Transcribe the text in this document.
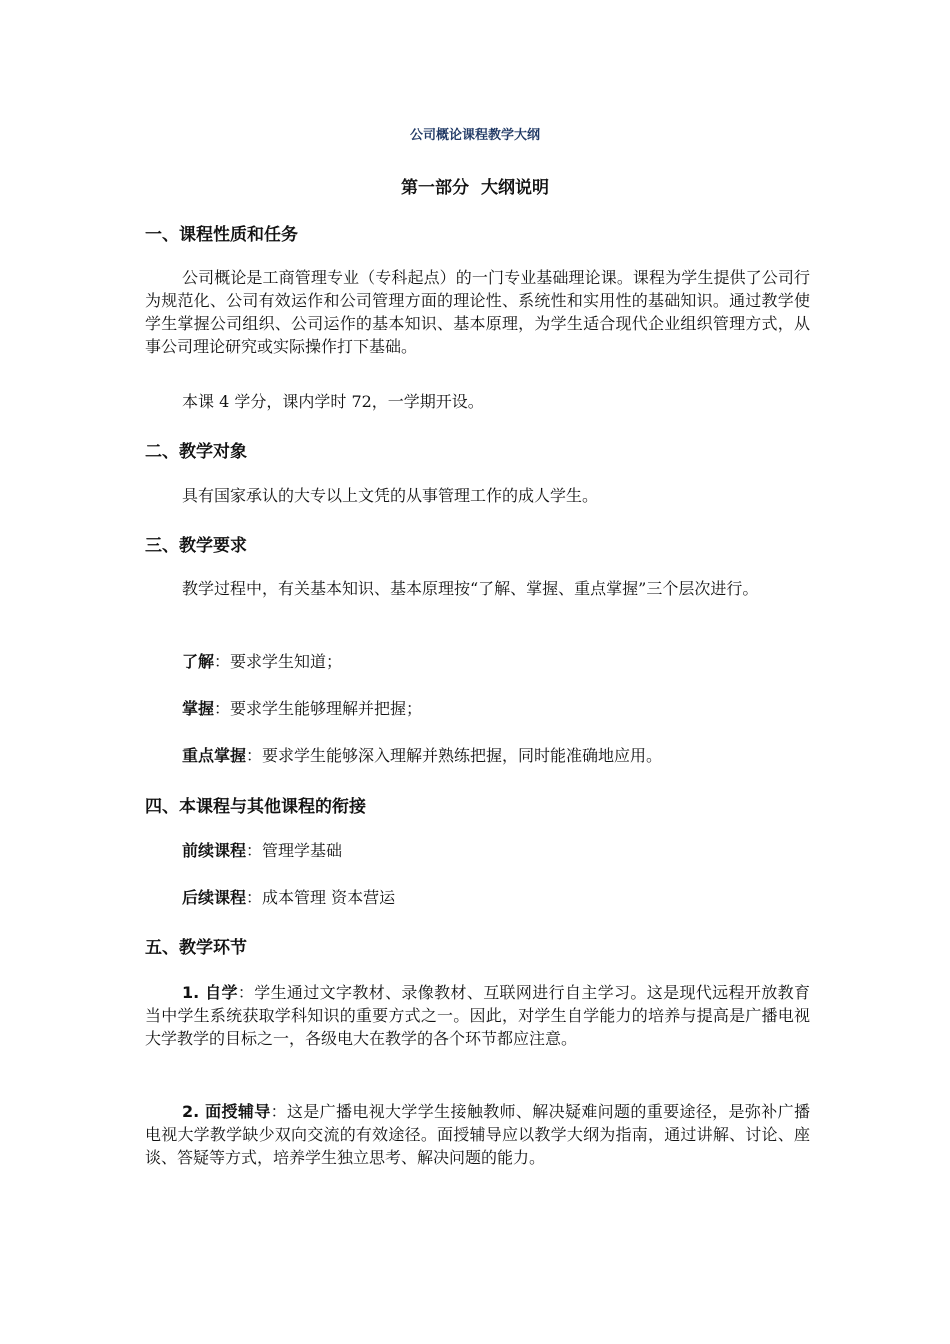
公司概论课程教学大纲

第一部分 大纲说明

一、课程性质和任务

公司概论是工商管理专业（专科起点）的一门专业基础理论课。课程为学生提供了公司行为规范化、公司有效运作和公司管理方面的理论性、系统性和实用性的基础知识。通过教学使学生掌握公司组织、公司运作的基本知识、基本原理，为学生适合现代企业组织管理方式，从事公司理论研究或实际操作打下基础。

本课 4 学分，课内学时 72，一学期开设。

二、教学对象

具有国家承认的大专以上文凭的从事管理工作的成人学生。

三、教学要求

教学过程中，有关基本知识、基本原理按“了解、掌握、重点掌握”三个层次进行。

了解：要求学生知道；

掌握：要求学生能够理解并把握；

重点掌握：要求学生能够深入理解并熟练把握，同时能准确地应用。

四、本课程与其他课程的衔接

前续课程：管理学基础

后续课程：成本管理 资本营运

五、教学环节

1. 自学：学生通过文字教材、录像教材、互联网进行自主学习。这是现代远程开放教育当中学生系统获取学科知识的重要方式之一。因此，对学生自学能力的培养与提高是广播电视大学教学的目标之一，各级电大在教学的各个环节都应注意。

2. 面授辅导：这是广播电视大学学生接触教师、解决疑难问题的重要途径，是弥补广播电视大学教学缺少双向交流的有效途径。面授辅导应以教学大纲为指南，通过讲解、讨论、座谈、答疑等方式，培养学生独立思考、解决问题的能力。
